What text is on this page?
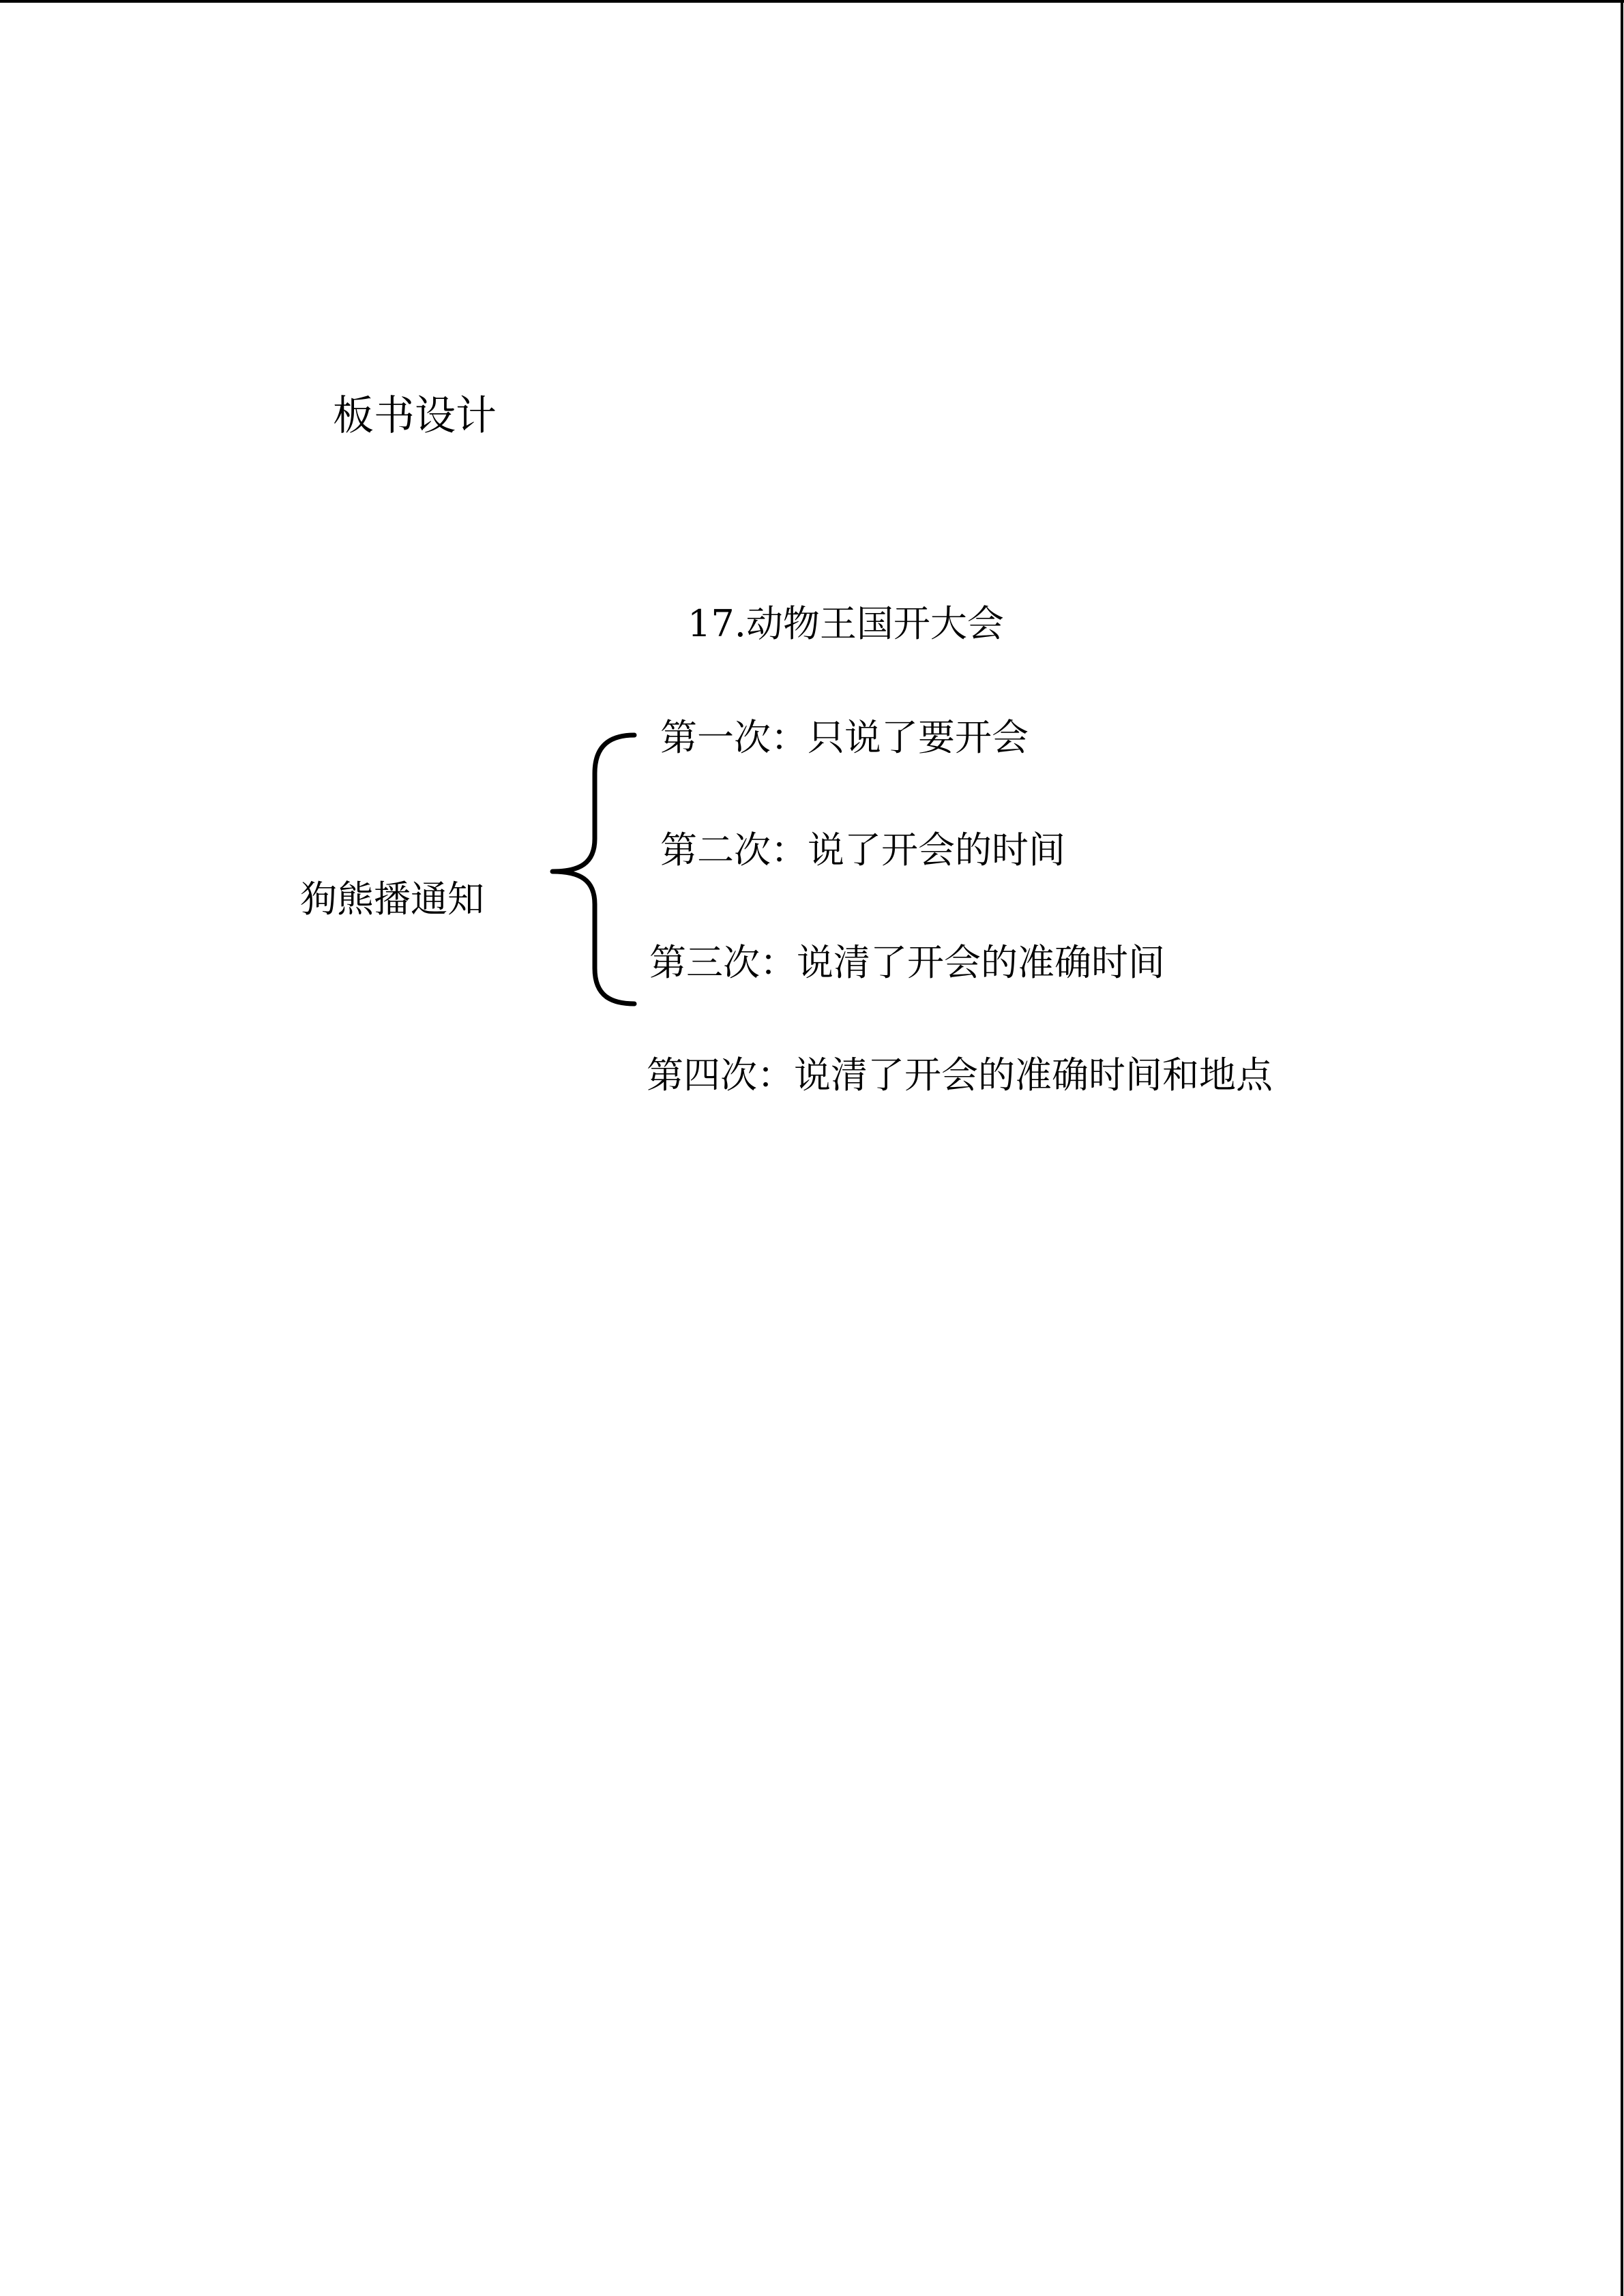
板书设计
17.动物王国开大会
狗熊播通知
第一次：只说了要开会
第二次：说了开会的时间
第三次：说清了开会的准确时间
第四次：说清了开会的准确时间和地点
